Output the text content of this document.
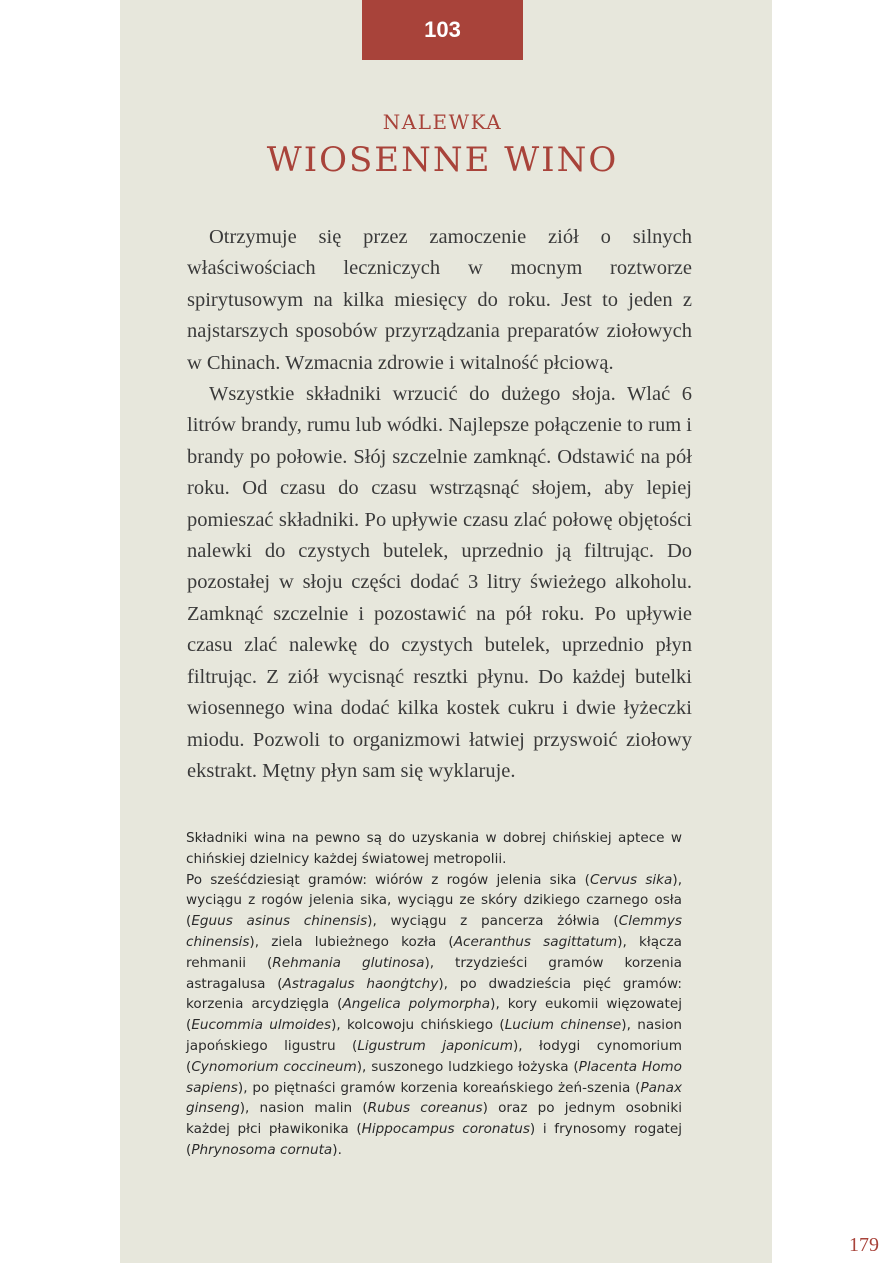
103
NALEWKA
WIOSENNE WINO

Otrzymuje się przez zamoczenie ziół o silnych właściwościach leczniczych w mocnym roztworze spirytusowym na kilka miesięcy do roku. Jest to jeden z najstarszych sposobów przyrządzania preparatów ziołowych w Chinach. Wzmacnia zdrowie i witalność płciową.

Wszystkie składniki wrzucić do dużego słoja. Wlać 6 litrów brandy, rumu lub wódki. Najlepsze połączenie to rum i brandy po połowie. Słój szczelnie zamknąć. Odstawić na pół roku. Od czasu do czasu wstrząsnąć słojem, aby lepiej pomieszać składniki. Po upływie czasu zlać połowę objętości nalewki do czystych butelek, uprzednio ją filtrując. Do pozostałej w słoju części dodać 3 litry świeżego alkoholu. Zamknąć szczelnie i pozostawić na pół roku. Po upływie czasu zlać nalewkę do czystych butelek, uprzednio płyn filtrując. Z ziół wycisnąć resztki płynu. Do każdej butelki wiosennego wina dodać kilka kostek cukru i dwie łyżeczki miodu. Pozwoli to organizmowi łatwiej przyswoić ziołowy ekstrakt. Mętny płyn sam się wyklaruje.

Składniki wina na pewno są do uzyskania w dobrej chińskiej aptece w chińskiej dzielnicy każdej światowej metropolii.

Po sześćdziesiąt gramów: wiórów z rogów jelenia sika (Cervus sika), wyciągu z rogów jelenia sika, wyciągu ze skóry dzikiego czarnego osła (Eguus asinus chinensis), wyciągu z pancerza żółwia (Clemmys chinensis), ziela lubieżnego kozła (Aceranthus sagittatum), kłącza rehmanii (Rehmania glutinosa), trzydzieści gramów korzenia astragalusa (Astragalus haonġtchy), po dwadzieścia pięć gramów: korzenia arcydzięgla (Angelica polymorpha), kory eukomii więzowatej (Eucommia ulmoides), kolcowoju chińskiego (Lucium chinense), nasion japońskiego ligustru (Ligustrum japonicum), łodygi cynomorium (Cynomorium coccineum), suszonego ludzkiego łożyska (Placenta Homo sapiens), po piętnaści gramów korzenia koreańskiego żeń-szenia (Panax ginseng), nasion malin (Rubus coreanus) oraz po jednym osobniki każdej płci pławikonika (Hippocampus coronatus) i frynosomy rogatej (Phrynosoma cornuta).

179
